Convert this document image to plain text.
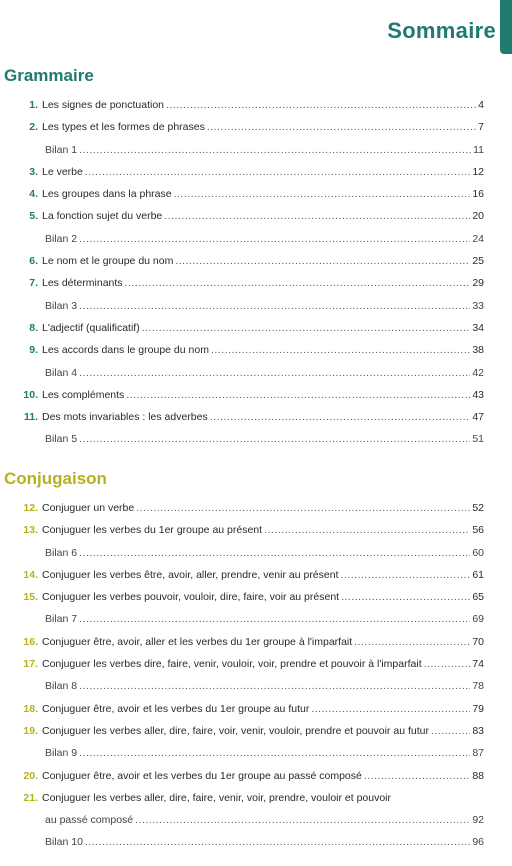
Sommaire
Grammaire
1. Les signes de ponctuation .....	4
2. Les types et les formes de phrases .....	7
Bilan 1 .....	11
3. Le verbe .....	12
4. Les groupes dans la phrase .....	16
5. La fonction sujet du verbe .....	20
Bilan 2 .....	24
6. Le nom et le groupe du nom .....	25
7. Les déterminants .....	29
Bilan 3 .....	33
8. L'adjectif (qualificatif) .....	34
9. Les accords dans le groupe du nom .....	38
Bilan 4 .....	42
10. Les compléments .....	43
11. Des mots invariables : les adverbes .....	47
Bilan 5 .....	51
Conjugaison
12. Conjuguer un verbe .....	52
13. Conjuguer les verbes du 1er groupe au présent .....	56
Bilan 6 .....	60
14. Conjuguer les verbes être, avoir, aller, prendre, venir au présent .....	61
15. Conjuguer les verbes pouvoir, vouloir, dire, faire, voir au présent .....	65
Bilan 7 .....	69
16. Conjuguer être, avoir, aller et les verbes du 1er groupe à l'imparfait .....	70
17. Conjuguer les verbes dire, faire, venir, vouloir, voir, prendre et pouvoir à l'imparfait .....	74
Bilan 8 .....	78
18. Conjuguer être, avoir et les verbes du 1er groupe au futur .....	79
19. Conjuguer les verbes aller, dire, faire, voir, venir, vouloir, prendre et pouvoir au futur .....	83
Bilan 9 .....	87
20. Conjuguer être, avoir et les verbes du 1er groupe au passé composé .....	88
21. Conjuguer les verbes aller, dire, faire, venir, voir, prendre, vouloir et pouvoir
au passé composé .....	92
Bilan 10 .....	96
